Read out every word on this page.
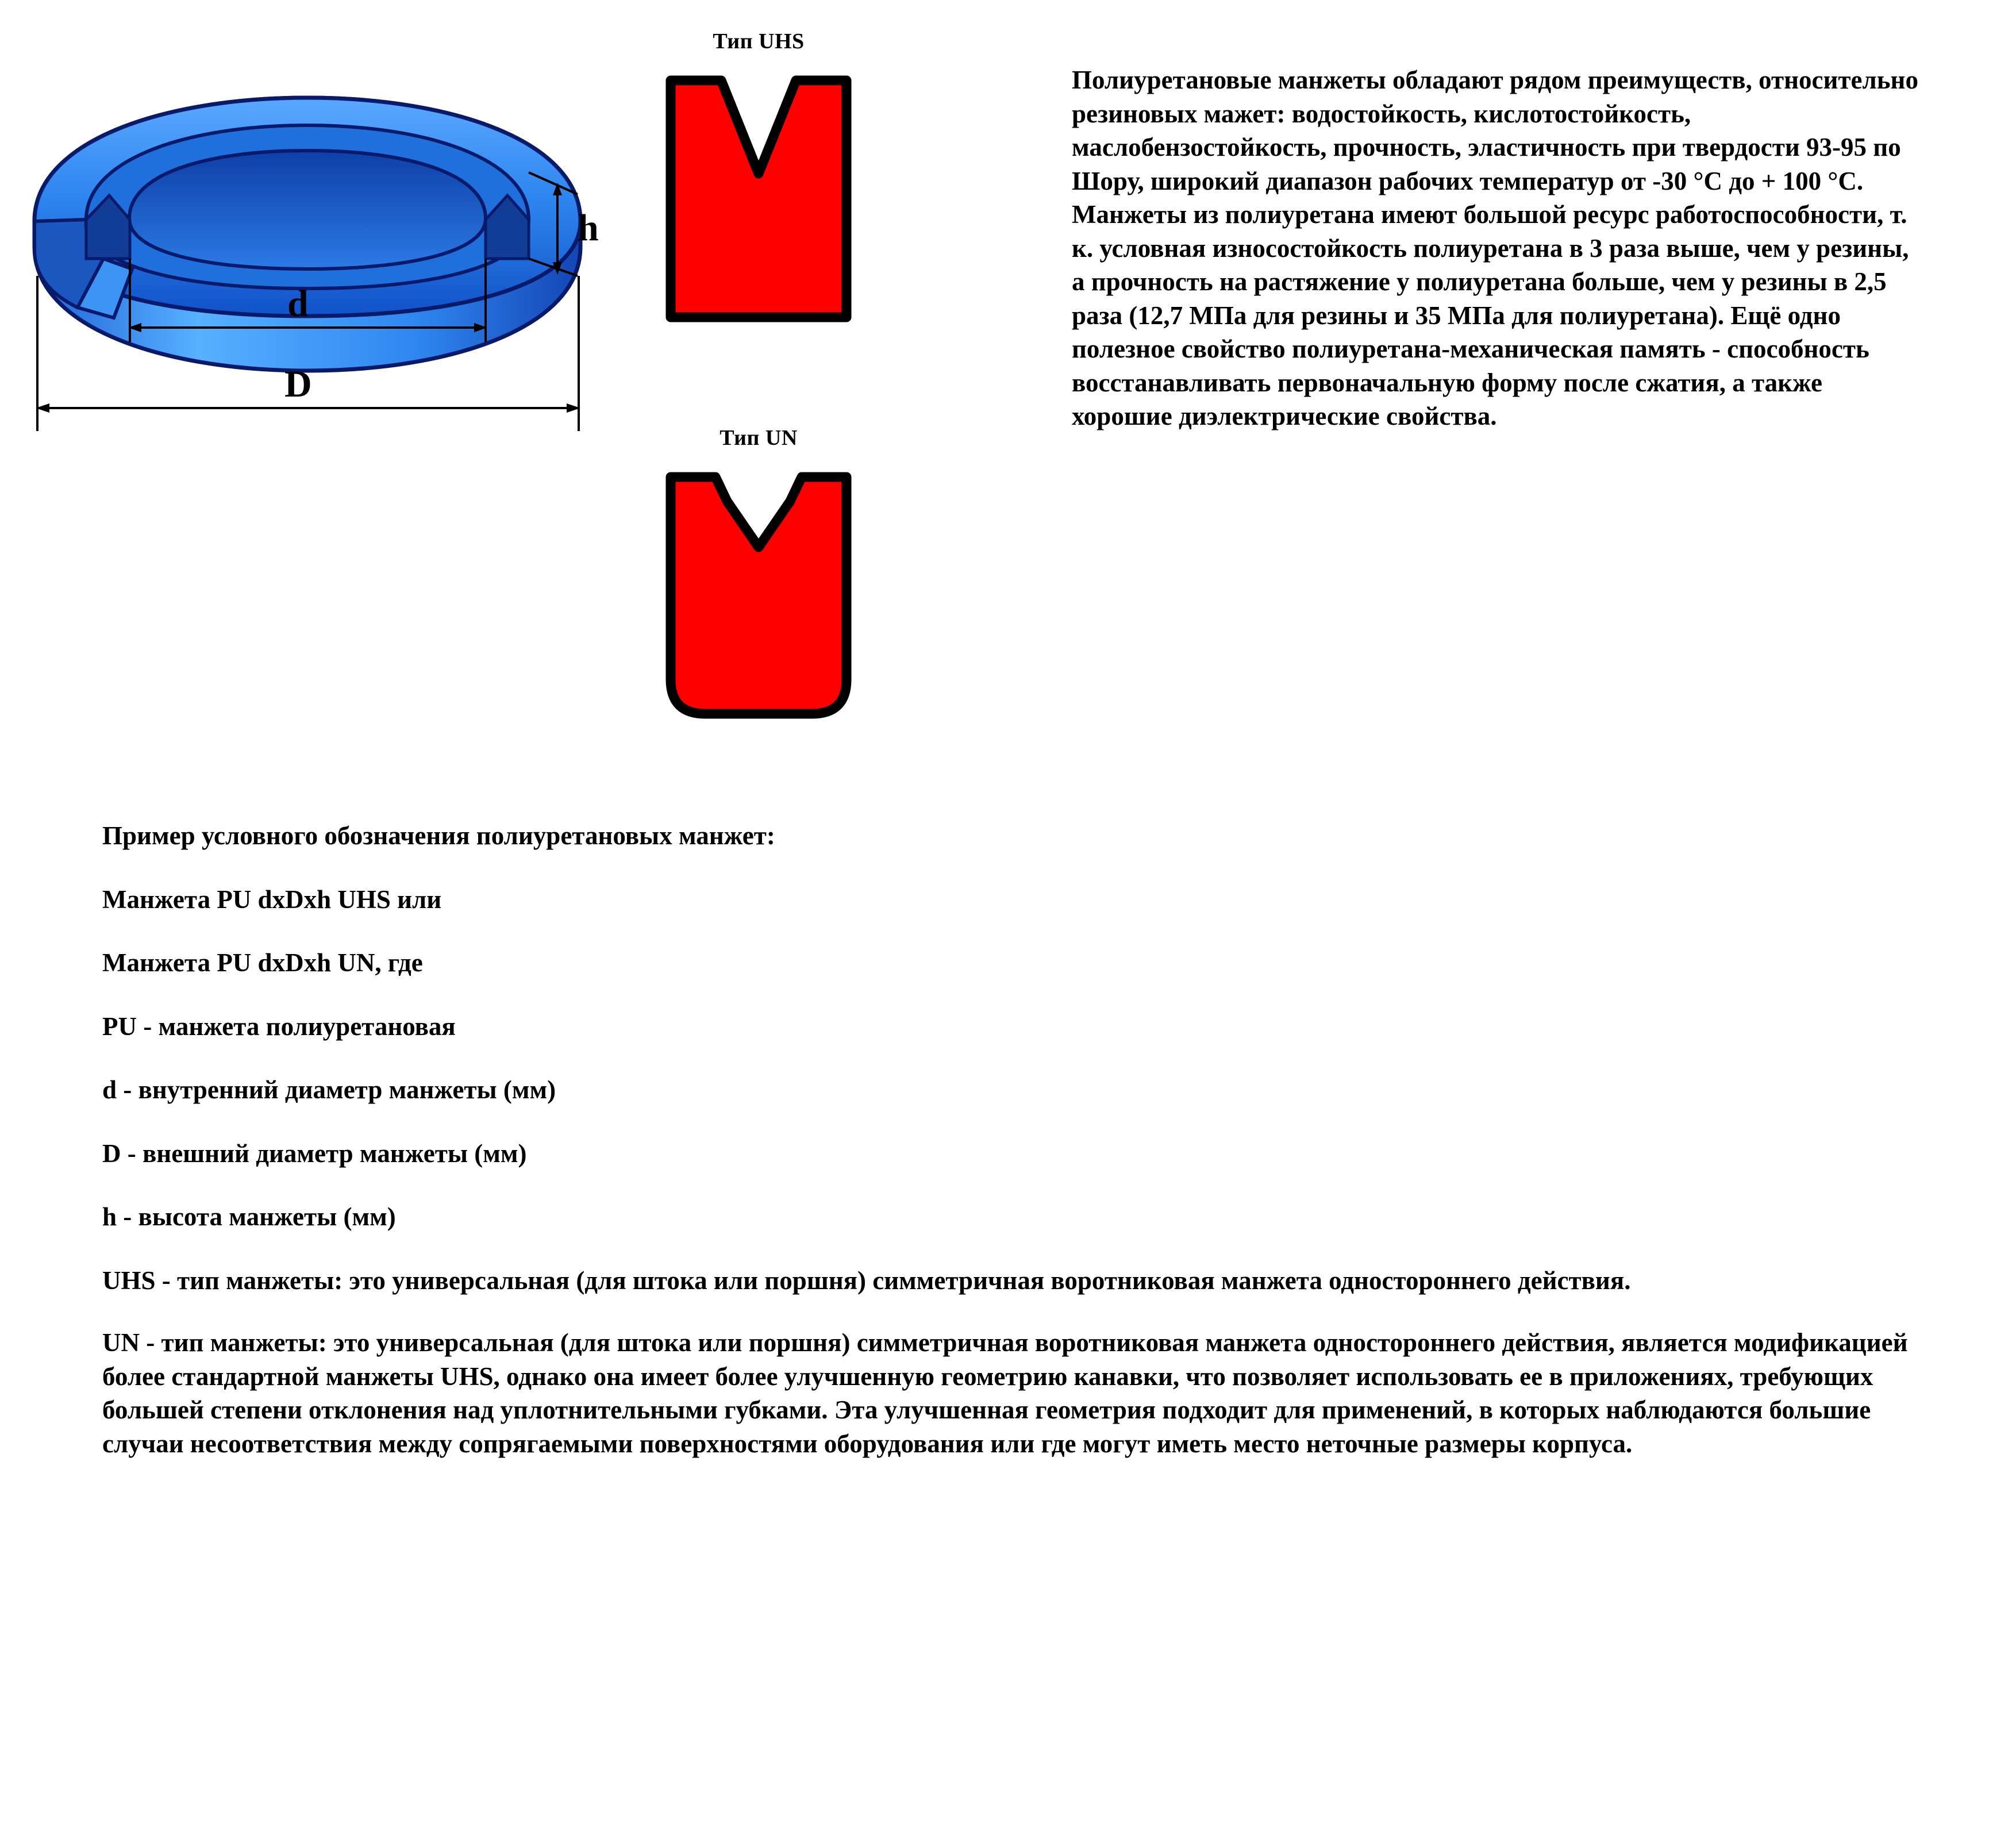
h
d
D
Тип UHS
Тип UN
Полиуретановые манжеты обладают рядом преимуществ, относительно резиновых мажет: водостойкость, кислотостойкость, маслобензостойкость, прочность, эластичность при твердости 93-95 по Шору, широкий диапазон рабочих температур от -30 °С до + 100 °С. Манжеты из полиуретана имеют большой ресурс работоспособности, т. к. условная износостойкость полиуретана в 3 раза выше, чем у резины, а прочность на растяжение у полиуретана больше, чем у резины в 2,5 раза (12,7 МПа для резины и 35 МПа для полиуретана). Ещё одно полезное свойство полиуретана-механическая память - способность восстанавливать первоначальную форму после сжатия, а также хорошие диэлектрические свойства.

Пример условного обозначения полиуретановых манжет:

Манжета PU dxDxh UHS или

Манжета PU dxDxh UN, где

PU - манжета полиуретановая

d - внутренний диаметр манжеты (мм)

D - внешний диаметр манжеты (мм)

h - высота манжеты (мм)

UHS - тип манжеты: это универсальная (для штока или поршня) симметричная воротниковая манжета одностороннего действия.

UN - тип манжеты: это универсальная (для штока или поршня) симметричная воротниковая манжета одностороннего действия, является модификацией более стандартной манжеты UHS, однако она имеет более улучшенную геометрию канавки, что позволяет использовать ее в приложениях, требующих большей степени отклонения над уплотнительными губками. Эта улучшенная геометрия подходит для применений, в которых наблюдаются большие случаи несоответствия между сопрягаемыми поверхностями оборудования или где могут иметь место неточные размеры корпуса.
